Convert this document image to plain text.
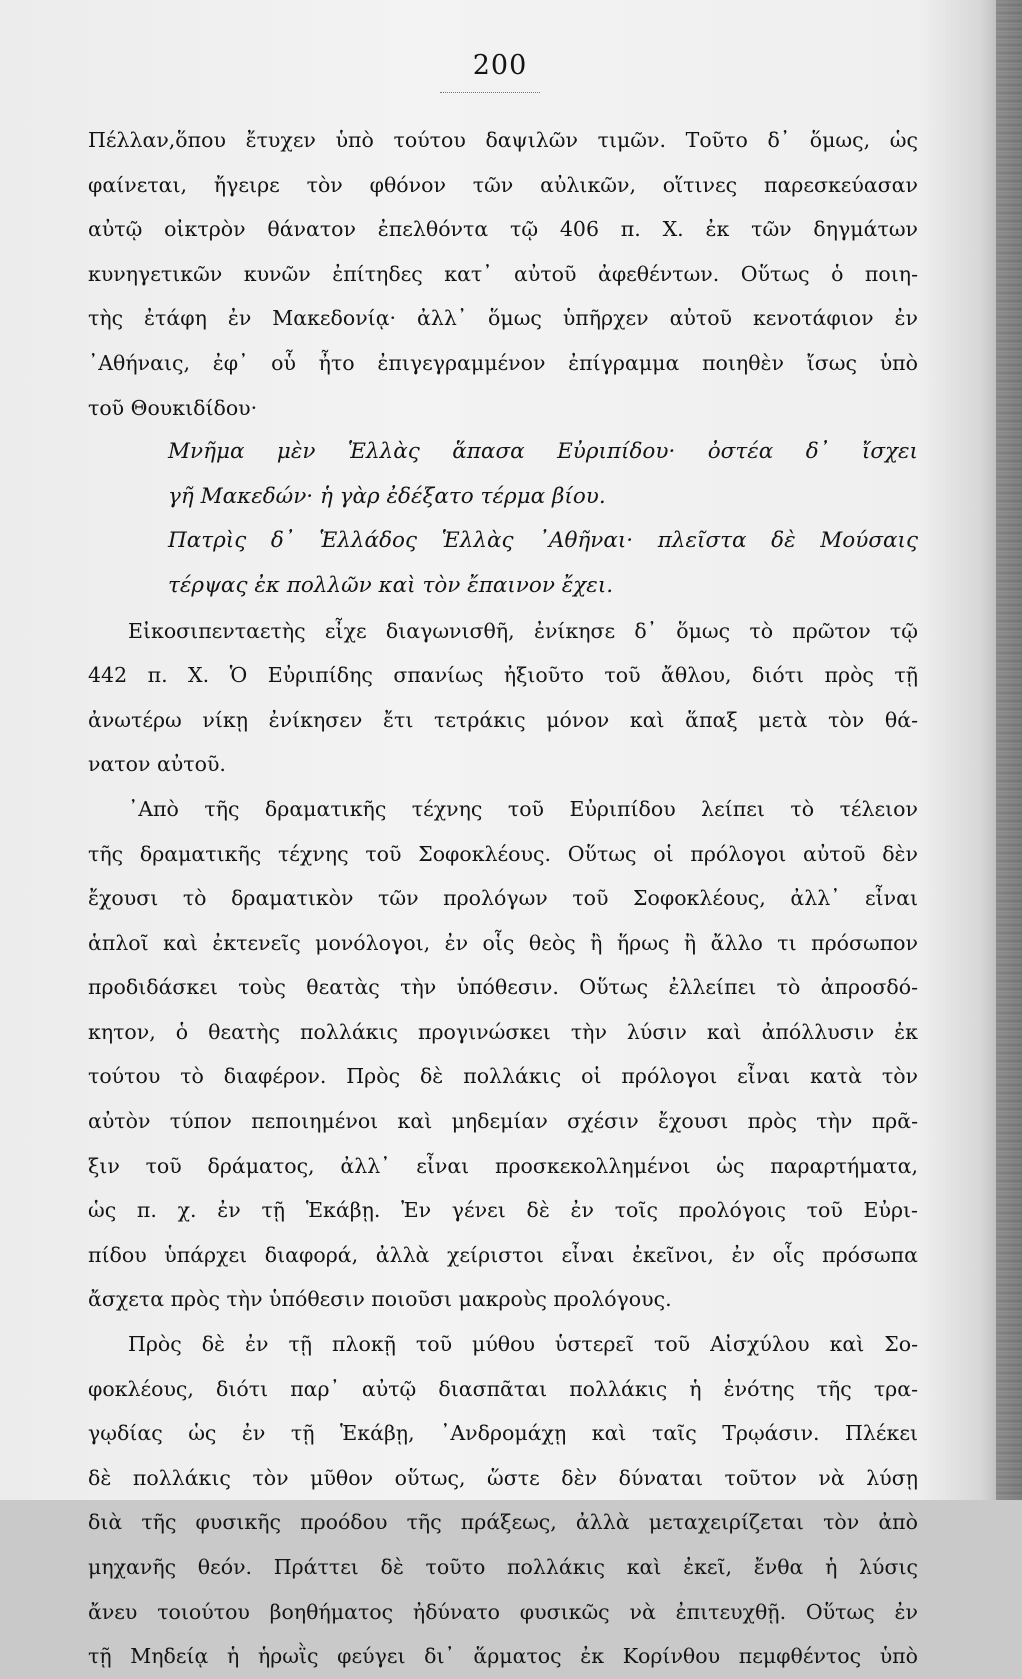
200
Πέλλαν,ὅπου ἔτυχεν ὑπὸ τούτου δαψιλῶν τιμῶν. Τοῦτο δ᾽ ὅμως, ὡς
φαίνεται, ἤγειρε τὸν φθόνον τῶν αὐλικῶν, οἵτινες παρεσκεύασαν
αὐτῷ οἰκτρὸν θάνατον ἐπελθόντα τῷ 406 π. Χ. ἐκ τῶν δηγμάτων
κυνηγετικῶν κυνῶν ἐπίτηδες κατ᾽ αὐτοῦ ἀφεθέντων. Οὕτως ὁ ποιη-
τὴς ἐτάφη ἐν Μακεδονίᾳ· ἀλλ᾽ ὅμως ὑπῆρχεν αὐτοῦ κενοτάφιον ἐν
᾽Αθήναις, ἐφ᾽ οὗ ἦτο ἐπιγεγραμμένον ἐπίγραμμα ποιηθὲν ἴσως ὑπὸ
τοῦ Θουκιδίδου·
Μνῆμα μὲν Ἑλλὰς ἅπασα Εὐριπίδου· ὀστέα δ᾽ ἴσχει
γῆ Μακεδών· ἡ γὰρ ἐδέξατο τέρμα βίου.
Πατρὶς δ᾽ Ἑλλάδος Ἑλλὰς ᾽Αθῆναι· πλεῖστα δὲ Μούσαις
τέρψας ἐκ πολλῶν καὶ τὸν ἔπαινον ἔχει.
Εἰκοσιπενταετὴς εἶχε διαγωνισθῆ, ἐνίκησε δ᾽ ὅμως τὸ πρῶτον τῷ
442 π. Χ. Ὁ Εὐριπίδης σπανίως ἠξιοῦτο τοῦ ἄθλου, διότι πρὸς τῇ
ἀνωτέρω νίκῃ ἐνίκησεν ἔτι τετράκις μόνον καὶ ἅπαξ μετὰ τὸν θά-
νατον αὐτοῦ.
᾽Απὸ τῆς δραματικῆς τέχνης τοῦ Εὐριπίδου λείπει τὸ τέλειον
τῆς δραματικῆς τέχνης τοῦ Σοφοκλέους. Οὕτως οἱ πρόλογοι αὐτοῦ δὲν
ἔχουσι τὸ δραματικὸν τῶν προλόγων τοῦ Σοφοκλέους, ἀλλ᾽ εἶναι
ἁπλοῖ καὶ ἐκτενεῖς μονόλογοι, ἐν οἷς θεὸς ἢ ἥρως ἢ ἄλλο τι πρόσωπον
προδιδάσκει τοὺς θεατὰς τὴν ὑπόθεσιν. Οὕτως ἐλλείπει τὸ ἀπροσδό-
κητον, ὁ θεατὴς πολλάκις προγινώσκει τὴν λύσιν καὶ ἀπόλλυσιν ἐκ
τούτου τὸ διαφέρον. Πρὸς δὲ πολλάκις οἱ πρόλογοι εἶναι κατὰ τὸν
αὐτὸν τύπον πεποιημένοι καὶ μηδεμίαν σχέσιν ἔχουσι πρὸς τὴν πρᾶ-
ξιν τοῦ δράματος, ἀλλ᾽ εἶναι προσκεκολλημένοι ὡς παραρτήματα,
ὡς π. χ. ἐν τῇ Ἑκάβῃ. Ἐν γένει δὲ ἐν τοῖς προλόγοις τοῦ Εὐρι-
πίδου ὑπάρχει διαφορά, ἀλλὰ χείριστοι εἶναι ἐκεῖνοι, ἐν οἷς πρόσωπα
ἄσχετα πρὸς τὴν ὑπόθεσιν ποιοῦσι μακροὺς προλόγους.
Πρὸς δὲ ἐν τῇ πλοκῇ τοῦ μύθου ὑστερεῖ τοῦ Αἰσχύλου καὶ Σο-
φοκλέους, διότι παρ᾽ αὐτῷ διασπᾶται πολλάκις ἡ ἑνότης τῆς τρα-
γῳδίας ὡς ἐν τῇ Ἑκάβῃ, ᾽Ανδρομάχῃ καὶ ταῖς Τρῳάσιν. Πλέκει
δὲ πολλάκις τὸν μῦθον οὕτως, ὥστε δὲν δύναται τοῦτον νὰ λύσῃ
διὰ τῆς φυσικῆς προόδου τῆς πράξεως, ἀλλὰ μεταχειρίζεται τὸν ἀπὸ
μηχανῆς θεόν. Πράττει δὲ τοῦτο πολλάκις καὶ ἐκεῖ, ἔνθα ἡ λύσις
ἄνευ τοιούτου βοηθήματος ἠδύνατο φυσικῶς νὰ ἐπιτευχθῇ. Οὕτως ἐν
τῇ Μηδείᾳ ἡ ἡρωῒς φεύγει δι᾽ ἅρματος ἐκ Κορίνθου πεμφθέντος ὑπὸ
